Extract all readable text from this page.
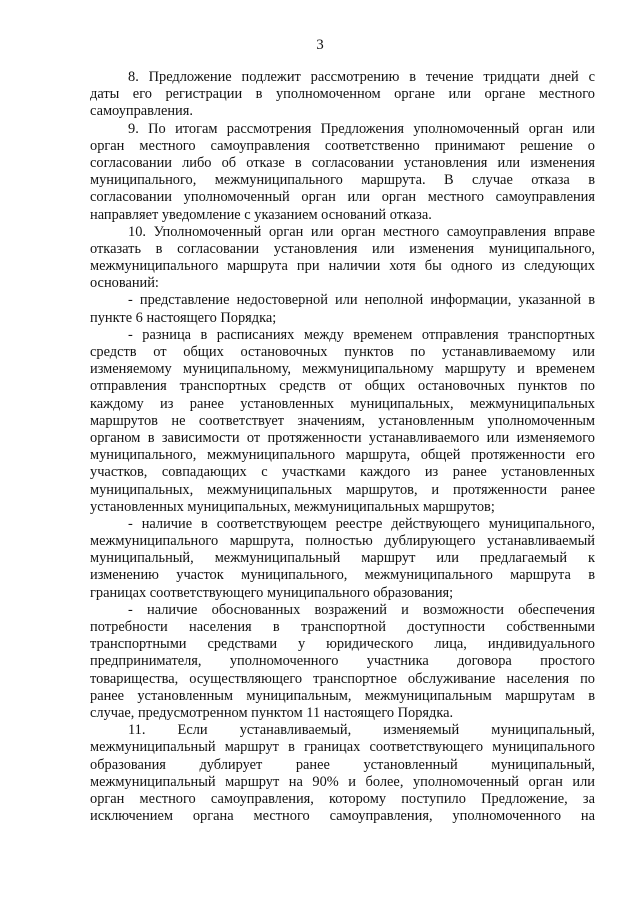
3
8. Предложение подлежит рассмотрению в течение тридцати дней с
даты его регистрации в уполномоченном органе или органе местного
самоуправления.
9. По итогам рассмотрения Предложения уполномоченный орган или
орган местного самоуправления соответственно принимают решение о
согласовании либо об отказе в согласовании установления или изменения
муниципального, межмуниципального маршрута. В случае отказа в
согласовании уполномоченный орган или орган местного самоуправления
направляет уведомление с указанием оснований отказа.
10. Уполномоченный орган или орган местного самоуправления вправе
отказать в согласовании установления или изменения муниципального,
межмуниципального маршрута при наличии хотя бы одного из следующих
оснований:
- представление недостоверной или неполной информации, указанной в
пункте 6 настоящего Порядка;
- разница в расписаниях между временем отправления транспортных
средств от общих остановочных пунктов по устанавливаемому или
изменяемому муниципальному, межмуниципальному маршруту и временем
отправления транспортных средств от общих остановочных пунктов по
каждому из ранее установленных муниципальных, межмуниципальных
маршрутов не соответствует значениям, установленным уполномоченным
органом в зависимости от протяженности устанавливаемого или изменяемого
муниципального, межмуниципального маршрута, общей протяженности его
участков, совпадающих с участками каждого из ранее установленных
муниципальных, межмуниципальных маршрутов, и протяженности ранее
установленных муниципальных, межмуниципальных маршрутов;
- наличие в соответствующем реестре действующего муниципального,
межмуниципального маршрута, полностью дублирующего устанавливаемый
муниципальный, межмуниципальный маршрут или предлагаемый к
изменению участок муниципального, межмуниципального маршрута в
границах соответствующего муниципального образования;
- наличие обоснованных возражений и возможности обеспечения
потребности населения в транспортной доступности собственными
транспортными средствами у юридического лица, индивидуального
предпринимателя, уполномоченного участника договора простого
товарищества, осуществляющего транспортное обслуживание населения по
ранее установленным муниципальным, межмуниципальным маршрутам в
случае, предусмотренном пунктом 11 настоящего Порядка.
11. Если устанавливаемый, изменяемый муниципальный,
межмуниципальный маршрут в границах соответствующего муниципального
образования дублирует ранее установленный муниципальный,
межмуниципальный маршрут на 90% и более, уполномоченный орган или
орган местного самоуправления, которому поступило Предложение, за
исключением органа местного самоуправления, уполномоченного на
